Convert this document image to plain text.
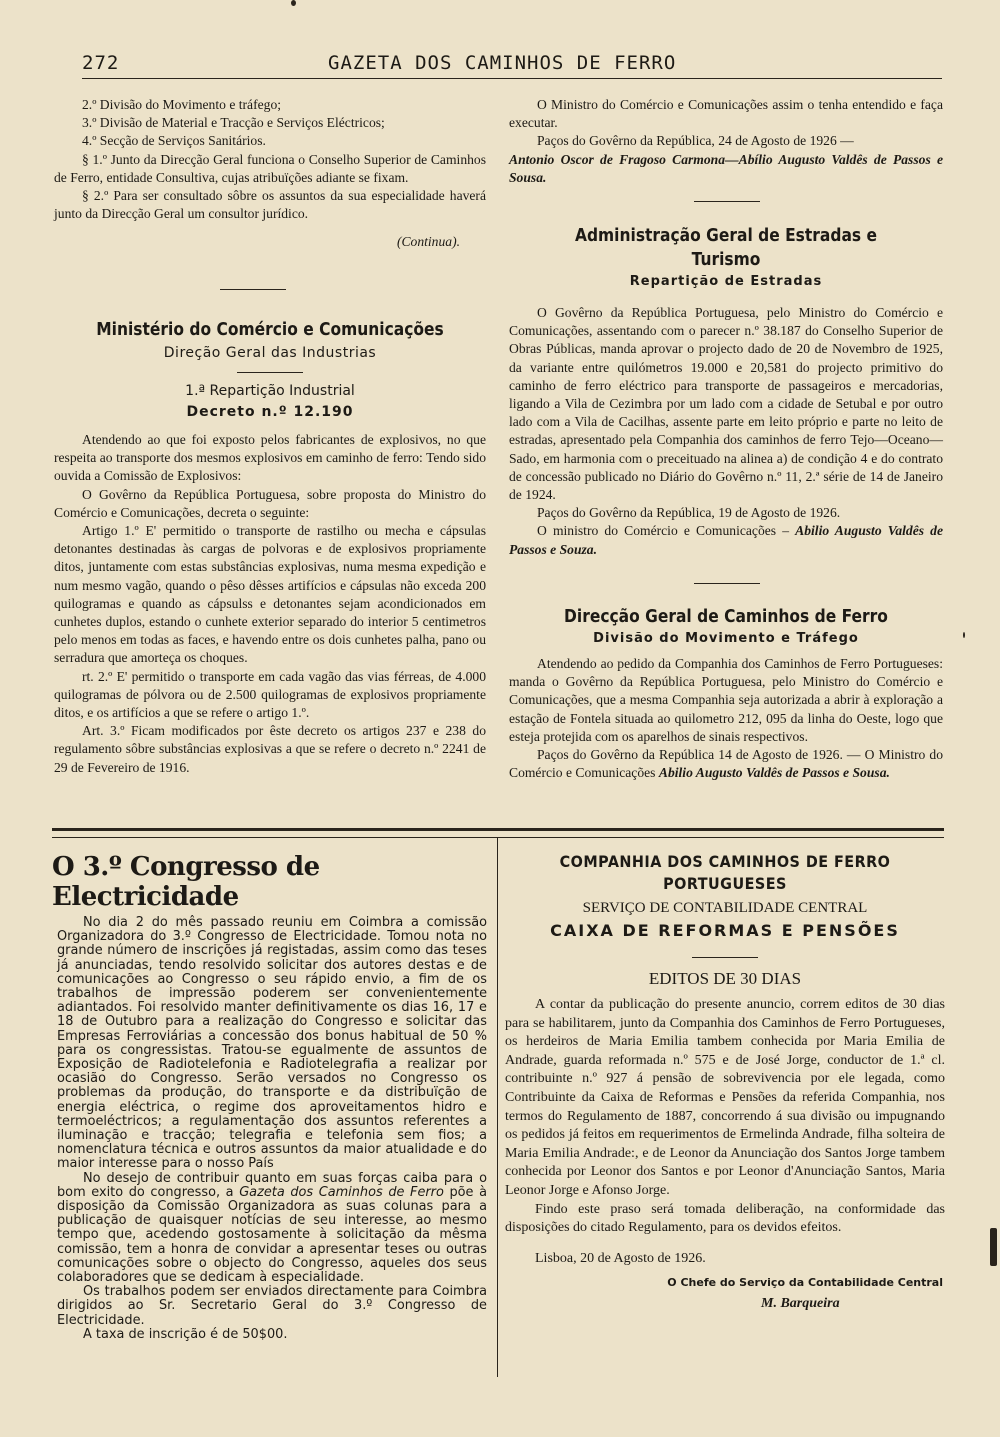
272	GAZETA DOS CAMINHOS DE FERRO

2.º Divisão do Movimento e tráfego;

3.º Divisão de Material e Tracção e Serviços Eléctricos;

4.º Secção de Serviços Sanitários.

§ 1.º Junto da Direcção Geral funciona o Conselho Superior de Caminhos de Ferro, entidade Consultiva, cujas atribuïções adiante se fixam.

§ 2.º Para ser consultado sôbre os assuntos da sua especialidade haverá junto da Direcção Geral um consultor jurídico.

(Continua).

Ministério do Comércio e Comunicações
Direção Geral das Industrias
1.ª Repartição Industrial
Decreto n.º 12.190

Atendendo ao que foi exposto pelos fabricantes de explosivos, no que respeita ao transporte dos mesmos explosivos em caminho de ferro: Tendo sido ouvida a Comissão de Explosivos:

O Govêrno da República Portuguesa, sobre proposta do Ministro do Comércio e Comunicações, decreta o seguinte:

Artigo 1.º E' permitido o transporte de rastilho ou mecha e cápsulas detonantes destinadas às cargas de polvoras e de explosivos propriamente ditos, juntamente com estas substâncias explosivas, numa mesma expedição e num mesmo vagão, quando o pêso dêsses artifícios e cápsulas não exceda 200 quilogramas e quando as cápsulss e detonantes sejam acondicionados em cunhetes duplos, estando o cunhete exterior separado do interior 5 centimetros pelo menos em todas as faces, e havendo entre os dois cunhetes palha, pano ou serradura que amorteça os choques.

rt. 2.º E' permitido o transporte em cada vagão das vias férreas, de 4.000 quilogramas de pólvora ou de 2.500 quilogramas de explosivos propriamente ditos, e os artifícios a que se refere o artigo 1.º.

Art. 3.º Ficam modificados por êste decreto os artigos 237 e 238 do regulamento sôbre substâncias explosivas a que se refere o decreto n.º 2241 de 29 de Fevereiro de 1916.

O Ministro do Comércio e Comunicações assim o tenha entendido e faça executar.

Paços do Govêrno da República, 24 de Agosto de 1926 —

Antonio Oscor de Fragoso Carmona—Abílio Augusto Valdês de Passos e Sousa.

Administração Geral de Estradas e Turismo
Repartição de Estradas

O Govêrno da República Portuguesa, pelo Ministro do Comércio e Comunicações, assentando com o parecer n.º 38.187 do Conselho Superior de Obras Públicas, manda aprovar o projecto dado de 20 de Novembro de 1925, da variante entre quilómetros 19.000 e 20,581 do projecto primitivo do caminho de ferro eléctrico para transporte de passageiros e mercadorias, ligando a Vila de Cezimbra por um lado com a cidade de Setubal e por outro lado com a Vila de Cacilhas, assente parte em leito próprio e parte no leito de estradas, apresentado pela Companhia dos caminhos de ferro Tejo—Oceano—Sado, em harmonia com o preceituado na alinea a) de condição 4 e do contrato de concessão publicado no Diário do Govêrno n.º 11, 2.ª série de 14 de Janeiro de 1924.

Paços do Govêrno da República, 19 de Agosto de 1926.

O ministro do Comércio e Comunicações – Abilio Augusto Valdês de Passos e Souza.

Direcção Geral de Caminhos de Ferro
Divisão do Movimento e Tráfego

Atendendo ao pedido da Companhia dos Caminhos de Ferro Portugueses: manda o Govêrno da República Portuguesa, pelo Ministro do Comércio e Comunicações, que a mesma Companhia seja autorizada a abrir à exploração a estação de Fontela situada ao quilometro 212, 095 da linha do Oeste, logo que esteja protejida com os aparelhos de sinais respectivos.

Paços do Govêrno da República 14 de Agosto de 1926. — O Ministro do Comércio e Comunicações Abilio Augusto Valdês de Passos e Sousa.

O 3.º Congresso de Electricidade

No dia 2 do mês passado reuniu em Coimbra a comissão Organizadora do 3.º Congresso de Electricidade. Tomou nota no grande número de inscrições já registadas, assim como das teses já anunciadas, tendo resolvido solicitar dos autores destas e de comunicações ao Congresso o seu rápido envio, a fim de os trabalhos de impressão poderem ser convenientemente adiantados. Foi resolvido manter definitivamente os dias 16, 17 e 18 de Outubro para a realização do Congresso e solicitar das Empresas Ferroviárias a concessão dos bonus habitual de 50 % para os congressistas. Tratou-se egualmente de assuntos de Exposição de Radiotelefonia e Radiotelegrafia a realizar por ocasião do Congresso. Serão versados no Congresso os problemas da produção, do transporte e da distribuïção de energia eléctrica, o regime dos aproveitamentos hidro e termoeléctricos; a regulamentação dos assuntos referentes a iluminação e tracção; telegrafia e telefonia sem fios; a nomenclatura técnica e outros assuntos da maior atualidade e do maior interesse para o nosso País

No desejo de contribuir quanto em suas forças caiba para o bom exito do congresso, a Gazeta dos Caminhos de Ferro põe à disposição da Comissão Organizadora as suas colunas para a publicação de quaisquer notícias de seu interesse, ao mesmo tempo que, acedendo gostosamente à solicitação da mêsma comissão, tem a honra de convidar a apresentar teses ou outras comunicações sobre o objecto do Congresso, aqueles dos seus colaboradores que se dedicam à especialidade.

Os trabalhos podem ser enviados directamente para Coimbra dirigidos ao Sr. Secretario Geral do 3.º Congresso de Electricidade.

A taxa de inscrição é de 50$00.

COMPANHIA DOS CAMINHOS DE FERRO PORTUGUESES
SERVIÇO DE CONTABILIDADE CENTRAL
CAIXA DE REFORMAS E PENSÕES
EDITOS DE 30 DIAS

A contar da publicação do presente anuncio, correm editos de 30 dias para se habilitarem, junto da Companhia dos Caminhos de Ferro Portugueses, os herdeiros de Maria Emilia tambem conhecida por Maria Emilia de Andrade, guarda reformada n.º 575 e de José Jorge, conductor de 1.ª cl. contribuinte n.º 927 á pensão de sobrevivencia por ele legada, como Contribuinte da Caixa de Reformas e Pensões da referida Companhia, nos termos do Regulamento de 1887, concorrendo á sua divisão ou impugnando os pedidos já feitos em requerimentos de Ermelinda Andrade, filha solteira de Maria Emilia Andrade:, e de Leonor da Anunciação dos Santos Jorge tambem conhecida por Leonor dos Santos e por Leonor d'Anunciação Santos, Maria Leonor Jorge e Afonso Jorge.

Findo este praso será tomada deliberação, na conformidade das disposições do citado Regulamento, para os devidos efeitos.

Lisboa, 20 de Agosto de 1926.

O Chefe do Serviço da Contabilidade Central

M. Barqueira
